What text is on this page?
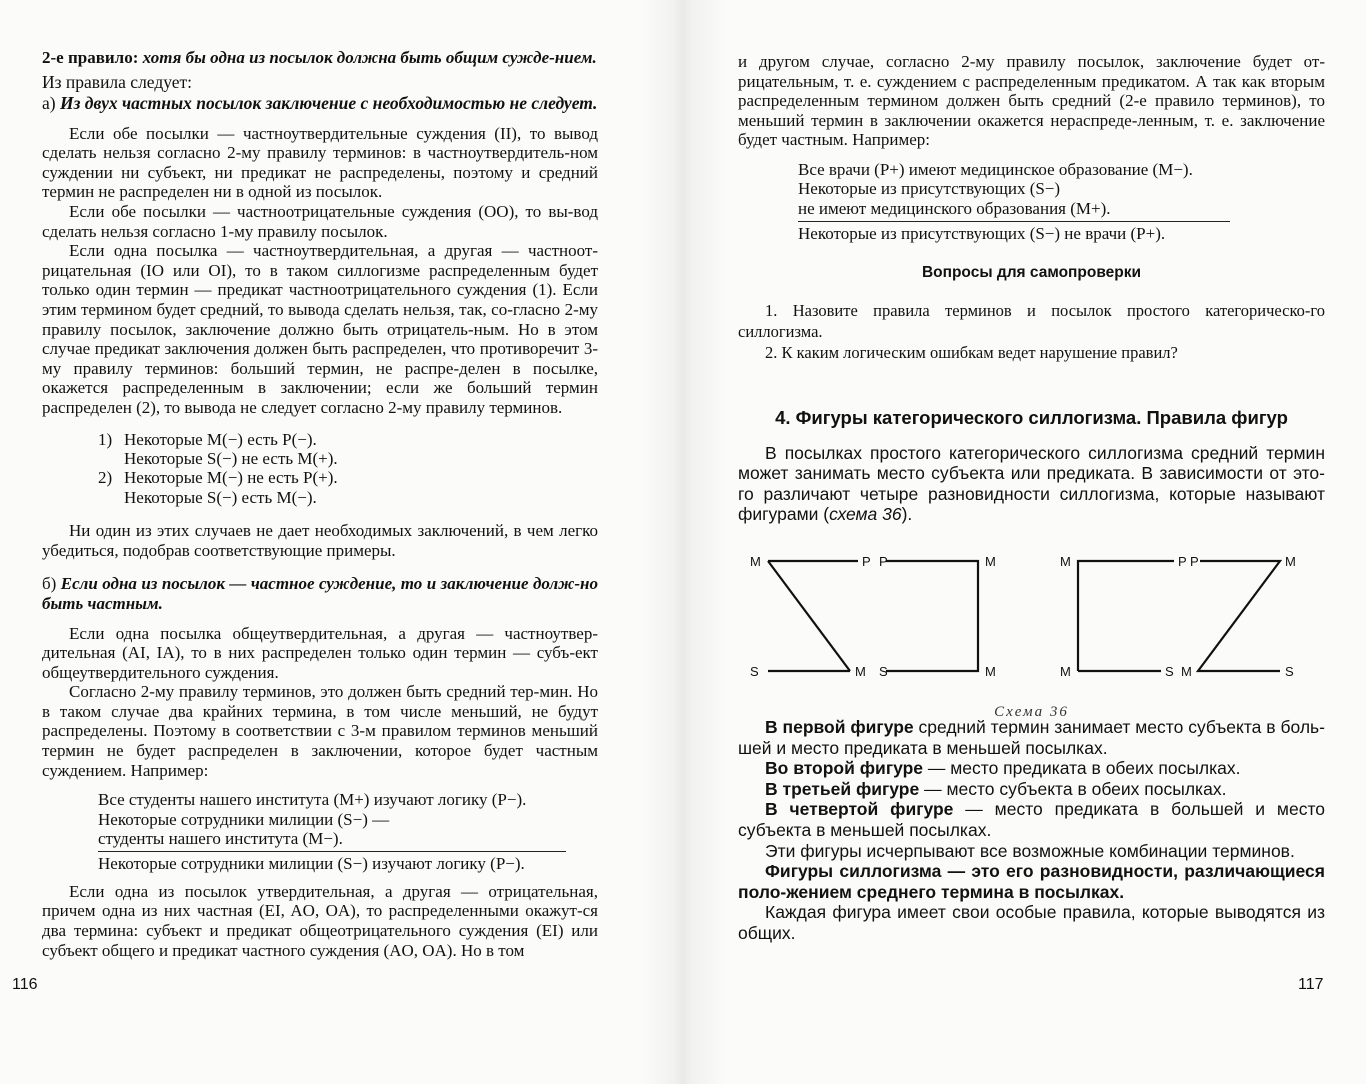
2-е правило: хотя бы одна из посылок должна быть общим сужде-нием.

Из правила следует:

а) Из двух частных посылок заключение с необходимостью не следует.

Если обе посылки — частноутвердительные суждения (II), то вывод сделать нельзя согласно 2-му правилу терминов: в частноутвердитель-ном суждении ни субъект, ни предикат не распределены, поэтому и средний термин не распределен ни в одной из посылок.

Если обе посылки — частноотрицательные суждения (OO), то вы-вод сделать нельзя согласно 1-му правилу посылок.

Если одна посылка — частноутвердительная, а другая — частноот-рицательная (IO или OI), то в таком силлогизме распределенным будет только один термин — предикат частноотрицательного суждения (1). Если этим термином будет средний, то вывода сделать нельзя, так, со-гласно 2-му правилу посылок, заключение должно быть отрицатель-ным. Но в этом случае предикат заключения должен быть распределен, что противоречит 3-му правилу терминов: больший термин, не распре-делен в посылке, окажется распределенным в заключении; если же больший термин распределен (2), то вывода не следует согласно 2-му правилу терминов.

1) Некоторые M(−) есть P(−).
Некоторые S(−) не есть M(+).
2) Некоторые M(−) не есть P(+).
Некоторые S(−) есть M(−).

Ни один из этих случаев не дает необходимых заключений, в чем легко убедиться, подобрав соответствующие примеры.

б) Если одна из посылок — частное суждение, то и заключение долж-но быть частным.

Если одна посылка общеутвердительная, а другая — частноутвер-дительная (AI, IA), то в них распределен только один термин — субъ-ект общеутвердительного суждения.

Согласно 2-му правилу терминов, это должен быть средний тер-мин. Но в таком случае два крайних термина, в том числе меньший, не будут распределены. Поэтому в соответствии с 3-м правилом терминов меньший термин не будет распределен в заключении, которое будет частным суждением. Например:

Все студенты нашего института (M+) изучают логику (P−).
Некоторые сотрудники милиции (S−) —
студенты нашего института (M−).
Некоторые сотрудники милиции (S−) изучают логику (P−).

Если одна из посылок утвердительная, а другая — отрицательная, причем одна из них частная (EI, AO, OA), то распределенными окажут-ся два термина: субъект и предикат общеотрицательного суждения (EI) или субъект общего и предикат частного суждения (AO, OA). Но в том

116

и другом случае, согласно 2-му правилу посылок, заключение будет от-рицательным, т. е. суждением с распределенным предикатом. А так как вторым распределенным термином должен быть средний (2-е правило терминов), то меньший термин в заключении окажется нераспреде-ленным, т. е. заключение будет частным. Например:

Все врачи (P+) имеют медицинское образование (M−).
Некоторые из присутствующих (S−)
не имеют медицинского образования (M+).
Некоторые из присутствующих (S−) не врачи (P+).
Вопросы для самопроверки

1. Назовите правила терминов и посылок простого категорическо-го силлогизма.

2. К каким логическим ошибкам ведет нарушение правил?

4. Фигуры категорического силлогизма. Правила фигур

В посылках простого категорического силлогизма средний термин может занимать место субъекта или предиката. В зависимости от это-го различают четыре разновидности силлогизма, которые называют фигурами (схема 36).

M	P
S	M
P	M
S	M
M	P
M	S
P	M
M	S
Схема 36

В первой фигуре средний термин занимает место субъекта в боль-шей и место предиката в меньшей посылках.

Во второй фигуре — место предиката в обеих посылках.

В третьей фигуре — место субъекта в обеих посылках.

В четвертой фигуре — место предиката в большей и место субъекта в меньшей посылках.

Эти фигуры исчерпывают все возможные комбинации терминов.

Фигуры силлогизма — это его разновидности, различающиеся поло-жением среднего термина в посылках.

Каждая фигура имеет свои особые правила, которые выводятся из общих.

117
